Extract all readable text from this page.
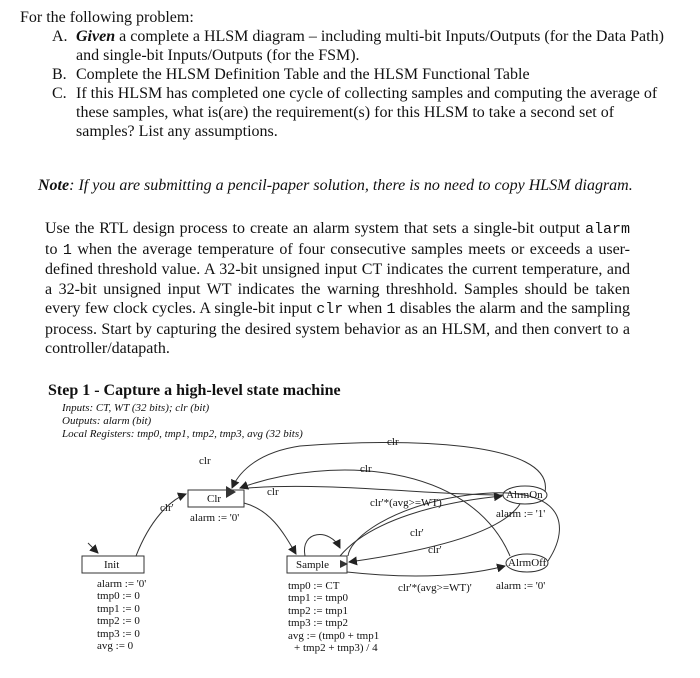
For the following problem:
A. Given a complete a HLSM diagram – including multi-bit Inputs/Outputs (for the Data Path) and single-bit Inputs/Outputs (for the FSM).
B. Complete the HLSM Definition Table and the HLSM Functional Table
C. If this HLSM has completed one cycle of collecting samples and computing the average of these samples, what is(are) the requirement(s) for this HLSM to take a second set of samples? List any assumptions.
Note: If you are submitting a pencil-paper solution, there is no need to copy HLSM diagram.
Use the RTL design process to create an alarm system that sets a single-bit output alarm to 1 when the average temperature of four consecutive samples meets or exceeds a user-defined threshold value. A 32-bit unsigned input CT indicates the current temperature, and a 32-bit unsigned input WT indicates the warning threshhold. Samples should be taken every few clock cycles. A single-bit input clr when 1 disables the alarm and the sampling process. Start by capturing the desired system behavior as an HLSM, and then convert to a controller/datapath.
Step 1 - Capture a high-level state machine
Inputs: CT, WT (32 bits); clr (bit)
Outputs: alarm (bit)
Local Registers: tmp0, tmp1, tmp2, tmp3, avg (32 bits)
Init
Clr
Sample
AlrmOn
AlrmOff
alarm := '0'
tmp0 := 0
tmp1 := 0
tmp2 := 0
tmp3 := 0
avg := 0
alarm := '0'
tmp0 := CT
tmp1 := tmp0
tmp2 := tmp1
tmp3 := tmp2
avg := (tmp0 + tmp1
+ tmp2 + tmp3) / 4
alarm := '1'
alarm := '0'
clr
clr
clr
clr
clr'	clr'*(avg>=WT)
clr'
clr'
clr'*(avg>=WT)'
